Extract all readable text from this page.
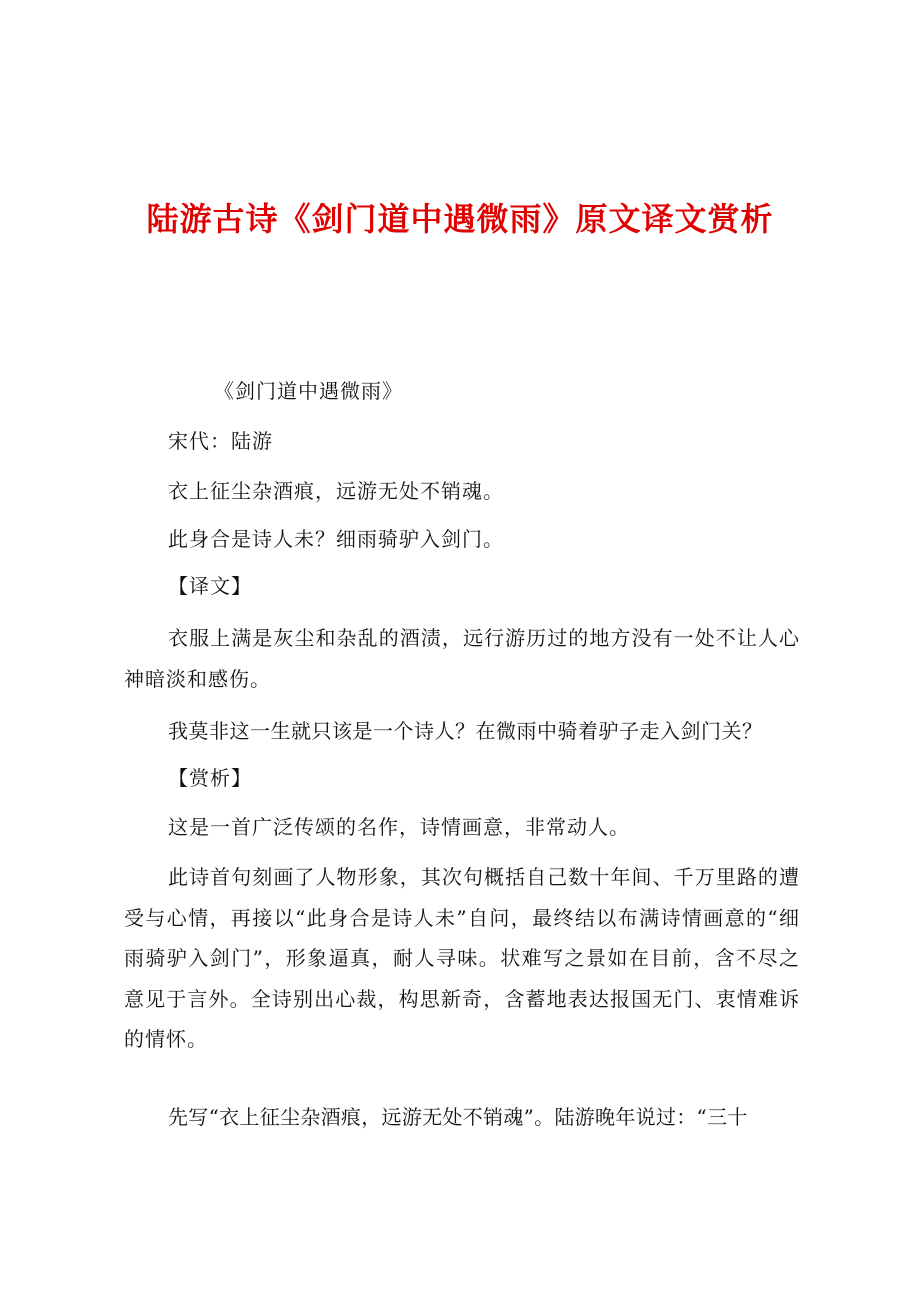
陆游古诗《剑门道中遇微雨》原文译文赏析
《剑门道中遇微雨》
宋代：陆游
衣上征尘杂酒痕，远游无处不销魂。
此身合是诗人未？细雨骑驴入剑门。
【译文】
衣服上满是灰尘和杂乱的酒渍，远行游历过的地方没有一处不让人心神暗淡和感伤。
我莫非这一生就只该是一个诗人？在微雨中骑着驴子走入剑门关？
【赏析】
这是一首广泛传颂的名作，诗情画意，非常动人。
此诗首句刻画了人物形象，其次句概括自己数十年间、千万里路的遭受与心情，再接以“此身合是诗人未”自问，最终结以布满诗情画意的“细雨骑驴入剑门”，形象逼真，耐人寻味。状难写之景如在目前，含不尽之意见于言外。全诗别出心裁，构思新奇，含蓄地表达报国无门、衷情难诉的情怀。
先写“衣上征尘杂酒痕，远游无处不销魂”。陆游晚年说过：“三十
